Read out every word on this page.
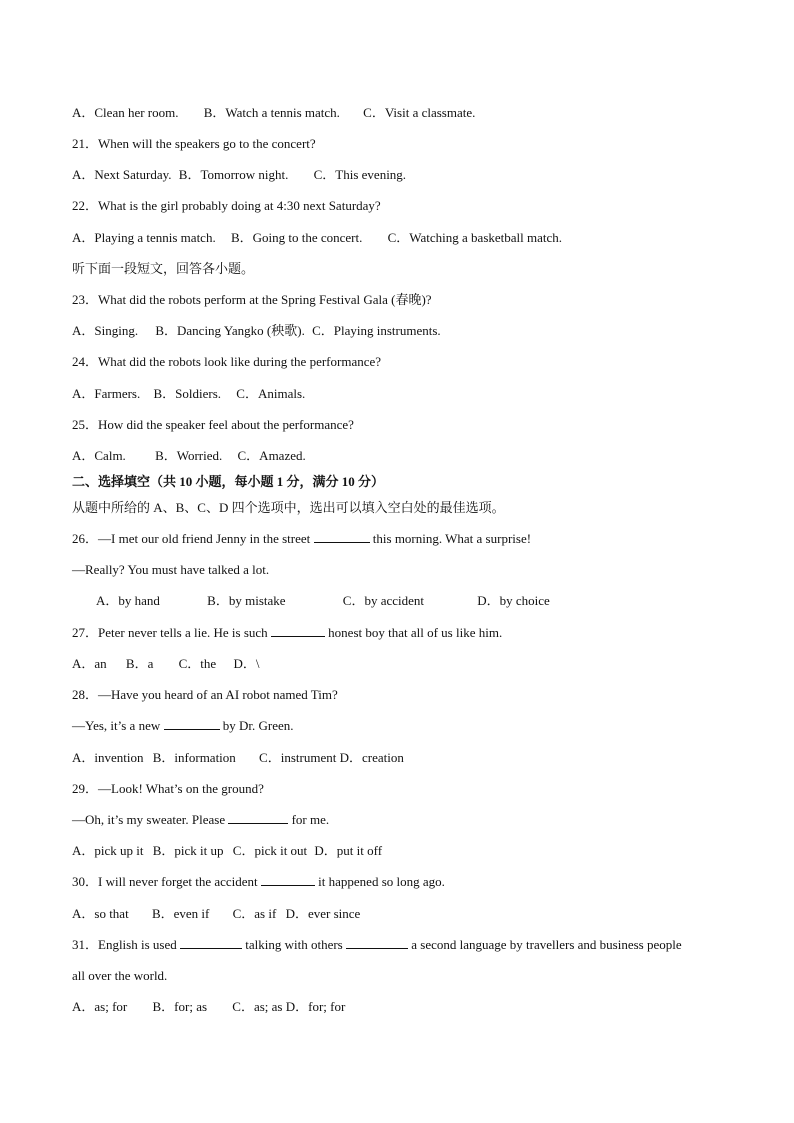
A．Clean her room. B．Watch a tennis match. C．Visit a classmate.
21．When will the speakers go to the concert?
A．Next Saturday. B．Tomorrow night. C．This evening.
22．What is the girl probably doing at 4:30 next Saturday?
A．Playing a tennis match. B．Going to the concert. C．Watching a basketball match.
听下面一段短文，回答各小题。
23．What did the robots perform at the Spring Festival Gala (春晚)?
A．Singing. B．Dancing Yangko (秧歌). C．Playing instruments.
24．What did the robots look like during the performance?
A．Farmers. B．Soldiers. C．Animals.
25．How did the speaker feel about the performance?
A．Calm. B．Worried. C．Amazed.
二、选择填空（共 10 小题，每小题 1 分，满分 10 分）
从题中所给的 A、B、C、D 四个选项中，选出可以填入空白处的最佳选项。
26．—I met our old friend Jenny in the street	this morning. What a surprise!
—Really? You must have talked a lot.
A．by hand	B．by mistake	C．by accident	D．by choice
27．Peter never tells a lie. He is such	honest boy that all of us like him.
A．an B．a C．the D．\
28．—Have you heard of an AI robot named Tim?
—Yes, it’s a new	by Dr. Green.
A．invention B．information C．instrument D．creation
29．—Look! What’s on the ground?
—Oh, it’s my sweater. Please	for me.
A．pick up it B．pick it up C．pick it out D．put it off
30．I will never forget the accident	it happened so long ago.
A．so that B．even if C．as if D．ever since
31．English is used	talking with others	a second language by travellers and business people
all over the world.
A．as; for B．for; as C．as; as D．for; for
